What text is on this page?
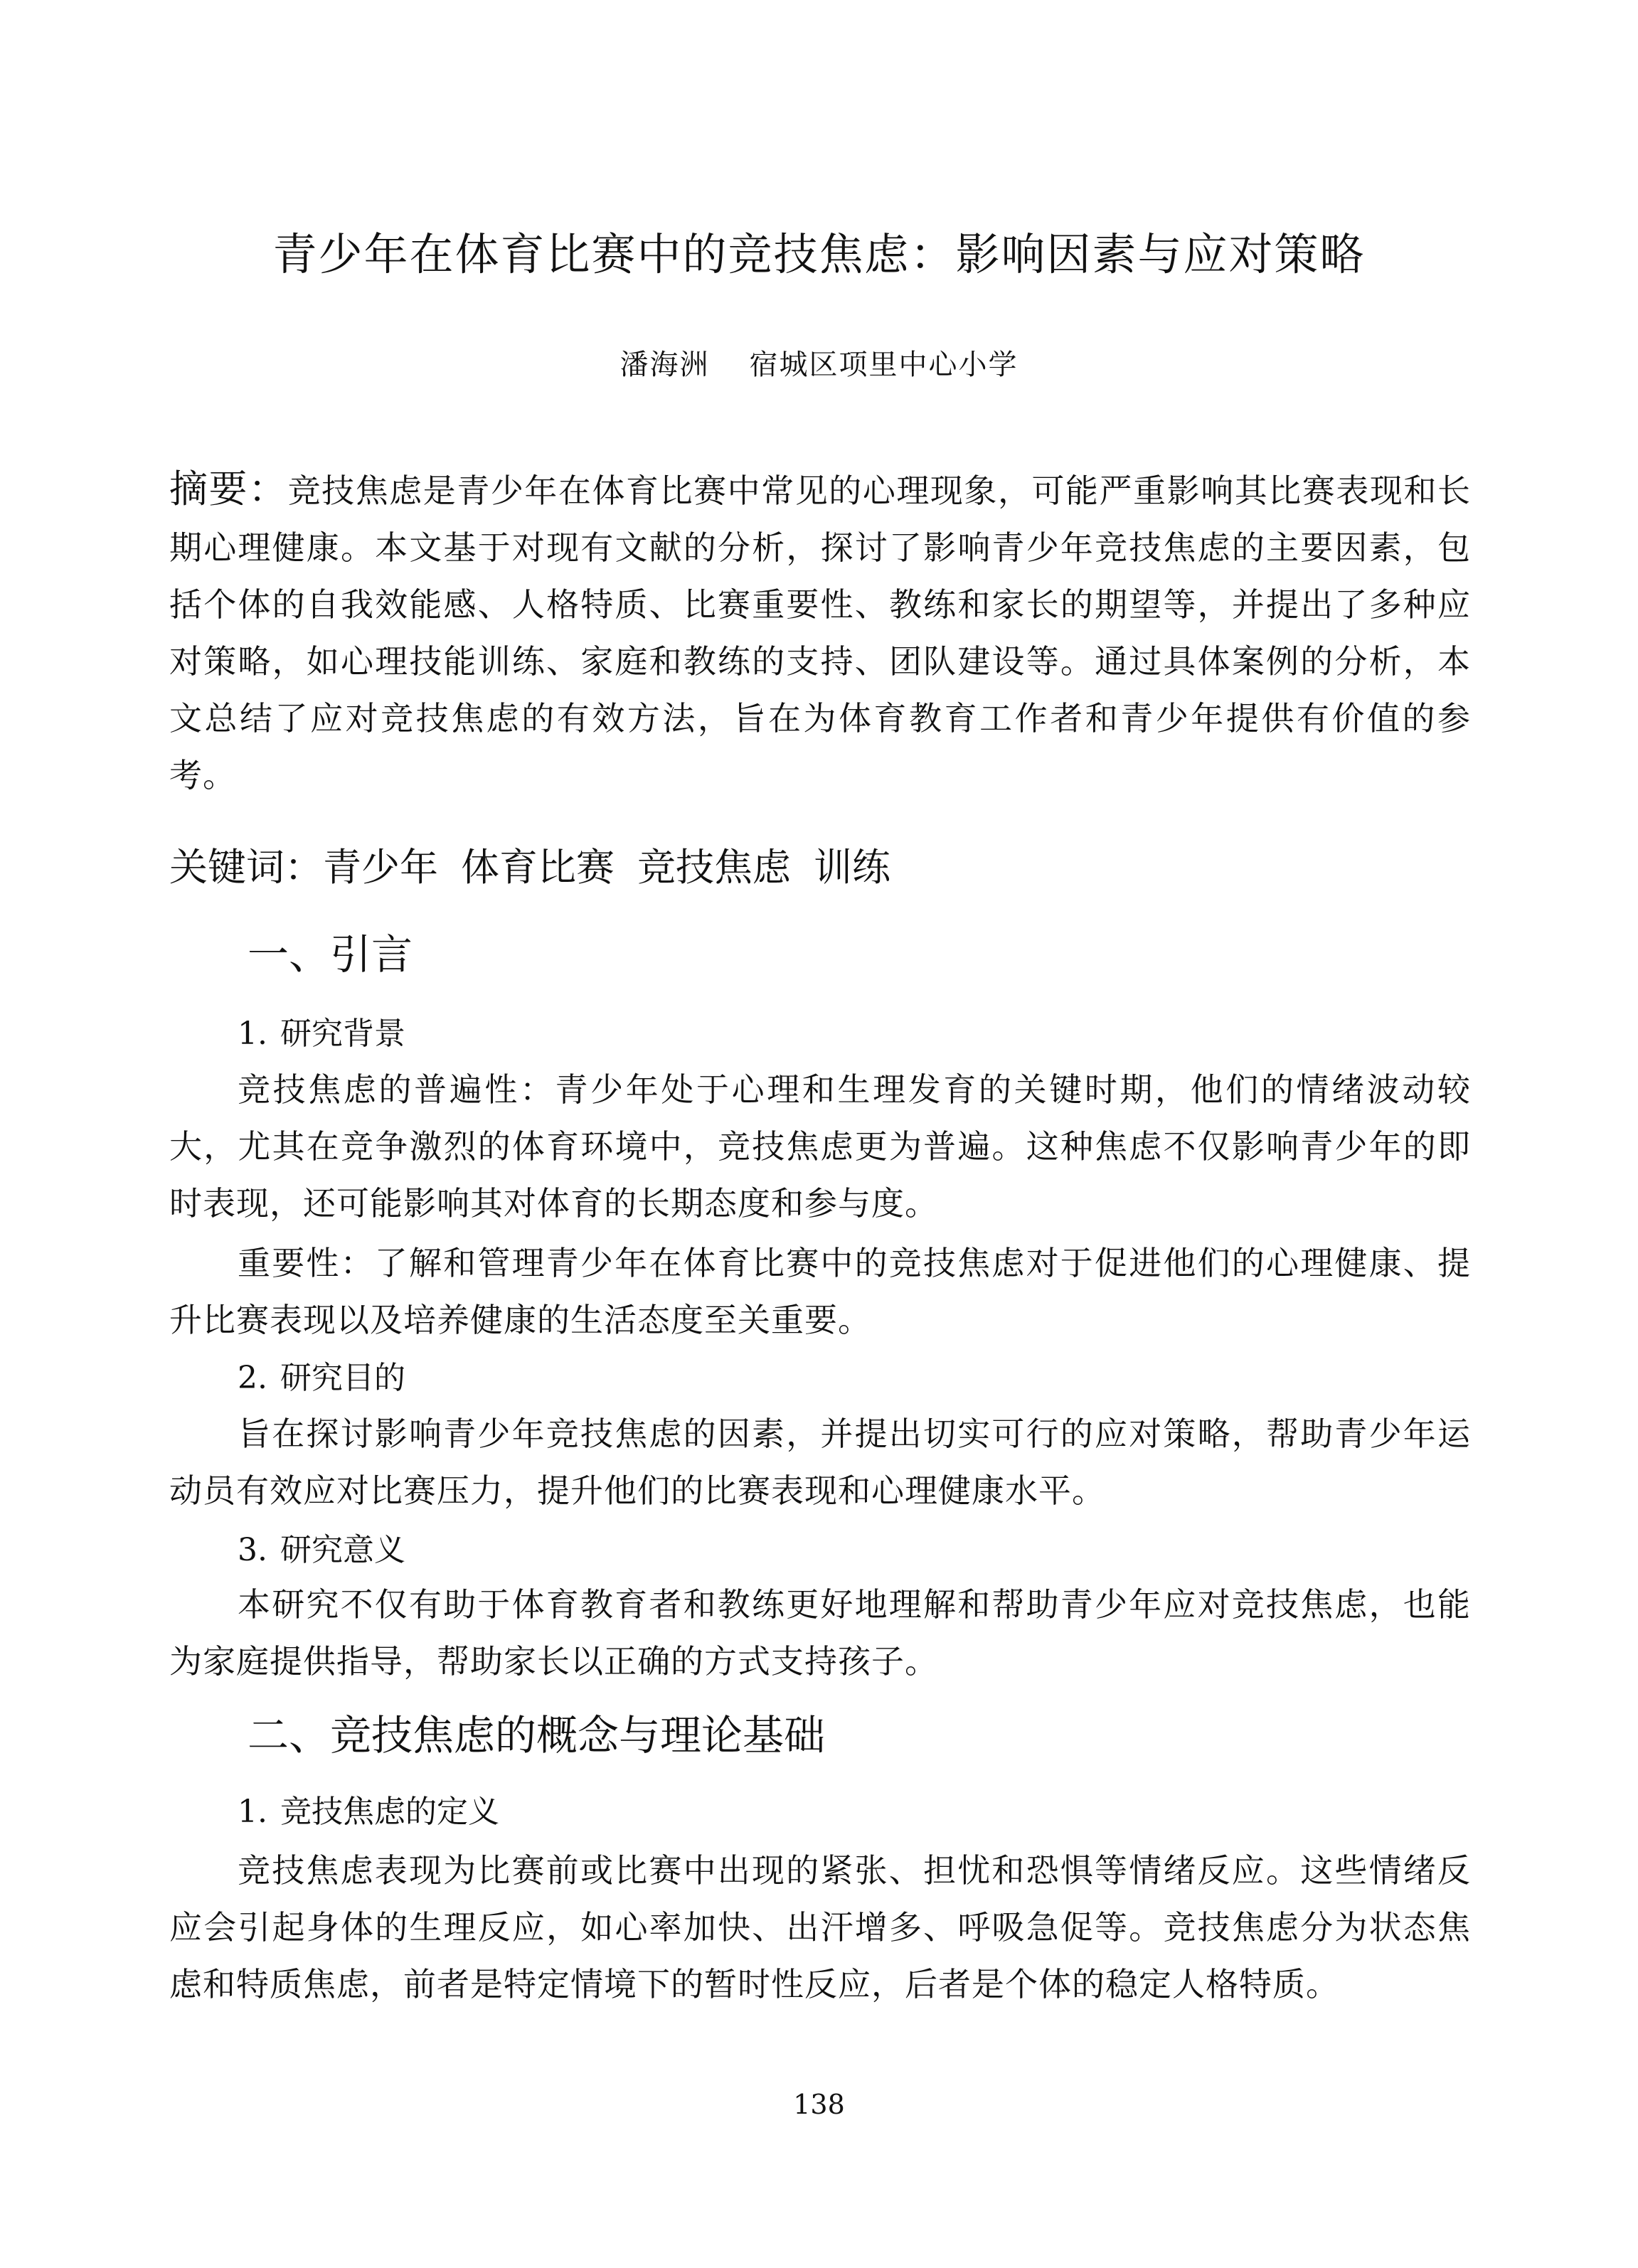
青少年在体育比赛中的竞技焦虑：影响因素与应对策略
潘海洲 宿城区项里中心小学
摘要：竞技焦虑是青少年在体育比赛中常见的心理现象，可能严重影响其比赛表现和长期心理健康。本文基于对现有文献的分析，探讨了影响青少年竞技焦虑的主要因素，包括个体的自我效能感、人格特质、比赛重要性、教练和家长的期望等，并提出了多种应对策略，如心理技能训练、家庭和教练的支持、团队建设等。通过具体案例的分析，本文总结了应对竞技焦虑的有效方法，旨在为体育教育工作者和青少年提供有价值的参考。
关键词：青少年 体育比赛 竞技焦虑 训练
一、引言
1. 研究背景

竞技焦虑的普遍性：青少年处于心理和生理发育的关键时期，他们的情绪波动较大，尤其在竞争激烈的体育环境中，竞技焦虑更为普遍。这种焦虑不仅影响青少年的即时表现，还可能影响其对体育的长期态度和参与度。

重要性：了解和管理青少年在体育比赛中的竞技焦虑对于促进他们的心理健康、提升比赛表现以及培养健康的生活态度至关重要。

2. 研究目的

旨在探讨影响青少年竞技焦虑的因素，并提出切实可行的应对策略，帮助青少年运动员有效应对比赛压力，提升他们的比赛表现和心理健康水平。

3. 研究意义

本研究不仅有助于体育教育者和教练更好地理解和帮助青少年应对竞技焦虑，也能为家庭提供指导，帮助家长以正确的方式支持孩子。

二、竞技焦虑的概念与理论基础
1. 竞技焦虑的定义

竞技焦虑表现为比赛前或比赛中出现的紧张、担忧和恐惧等情绪反应。这些情绪反应会引起身体的生理反应，如心率加快、出汗增多、呼吸急促等。竞技焦虑分为状态焦虑和特质焦虑，前者是特定情境下的暂时性反应，后者是个体的稳定人格特质。

138
